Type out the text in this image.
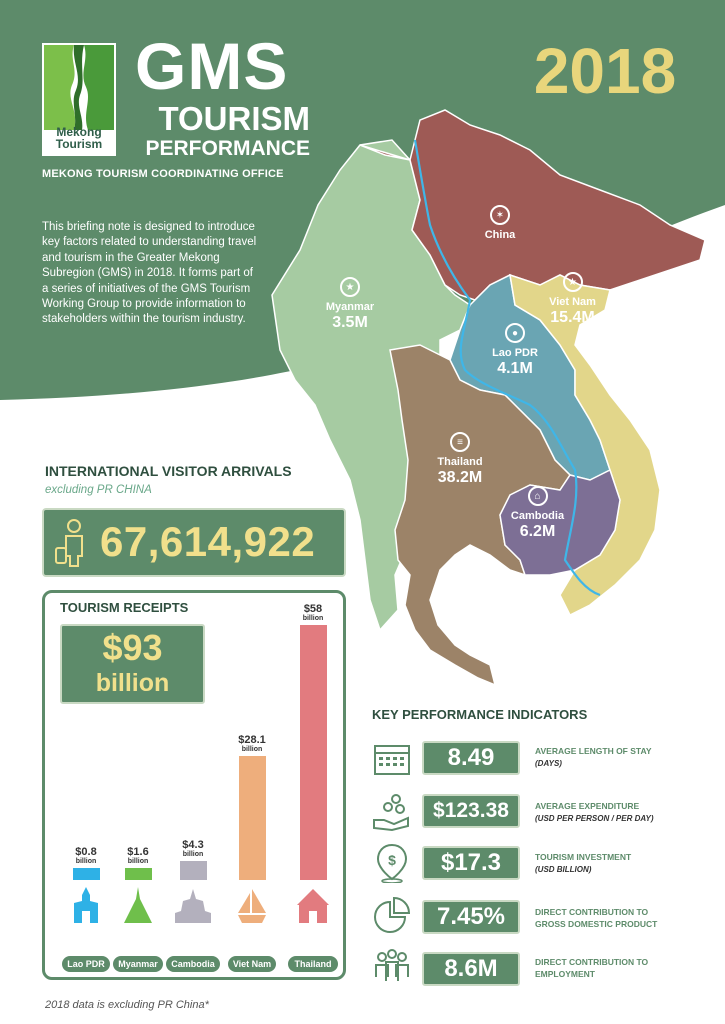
Mekong
Tourism
GMS
TOURISM
PERFORMANCE
MEKONG TOURISM COORDINATING OFFICE
2018
This briefing note is designed to introduce key factors related to understanding travel and tourism in the Greater Mekong Subregion (GMS) in 2018. It forms part of a series of initiatives of the GMS Tourism Working Group to provide information to stakeholders within the tourism industry.
✶
China
★
Myanmar
3.5M
★
Viet Nam
15.4M
●
Lao PDR
4.1M
≡
Thailand
38.2M
⌂
Cambodia
6.2M
INTERNATIONAL VISITOR ARRIVALS
excluding PR CHINA
67,614,922
TOURISM RECEIPTS
$93
billion
$0.8
billion
Lao PDR
$1.6
billion
Myanmar
$4.3
billion
Cambodia
$28.1
billion
Viet Nam
$58
billion
Thailand
2018 data is excluding PR China*
KEY PERFORMANCE INDICATORS
8.49	AVERAGE LENGTH OF STAY
(DAYS)
$123.38	AVERAGE EXPENDITURE
(USD PER PERSON / PER DAY)
$	$17.3	TOURISM INVESTMENT
(USD BILLION)
7.45%	DIRECT CONTRIBUTION TO
GROSS DOMESTIC PRODUCT
8.6M	DIRECT CONTRIBUTION TO
EMPLOYMENT
